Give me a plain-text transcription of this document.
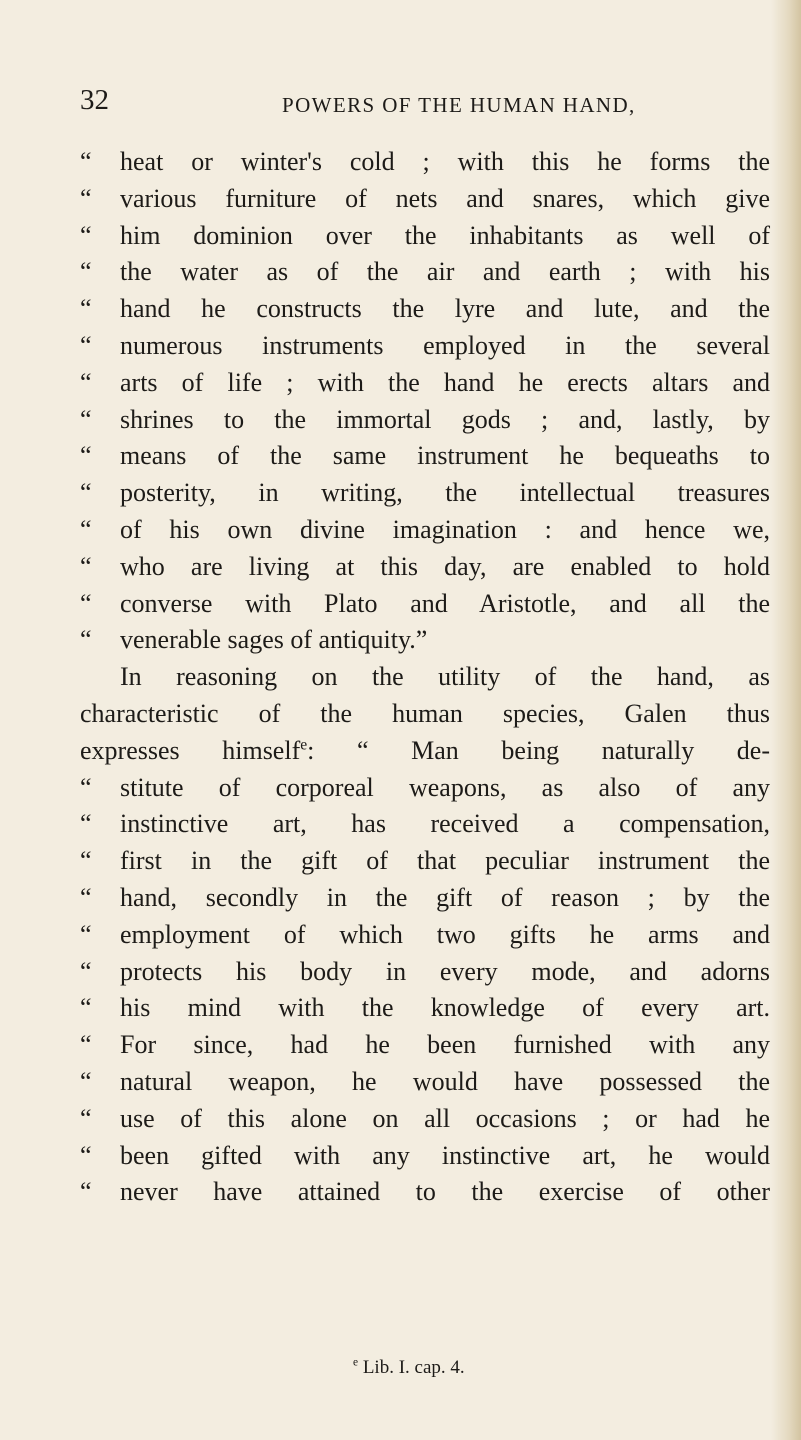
32	POWERS OF THE HUMAN HAND,
“	heat or winter's cold ; with this he forms the
“	various furniture of nets and snares, which give
“	him dominion over the inhabitants as well of
“	the water as of the air and earth ; with his
“	hand he constructs the lyre and lute, and the
“	numerous instruments employed in the several
“	arts of life ; with the hand he erects altars and
“	shrines to the immortal gods ; and, lastly, by
“	means of the same instrument he bequeaths to
“	posterity, in writing, the intellectual treasures
“	of his own divine imagination : and hence we,
“	who are living at this day, are enabled to hold
“	converse with Plato and Aristotle, and all the
“	venerable sages of antiquity.”
In reasoning on the utility of the hand, as
characteristic of the human species, Galen thus
expresses himself$^e$: “ Man being naturally de-
“	stitute of corporeal weapons, as also of any
“	instinctive art, has received a compensation,
“	first in the gift of that peculiar instrument the
“	hand, secondly in the gift of reason ; by the
“	employment of which two gifts he arms and
“	protects his body in every mode, and adorns
“	his mind with the knowledge of every art.
“	For since, had he been furnished with any
“	natural weapon, he would have possessed the
“	use of this alone on all occasions ; or had he
“	been gifted with any instinctive art, he would
“	never have attained to the exercise of other
$^e$ Lib. I. cap. 4.
